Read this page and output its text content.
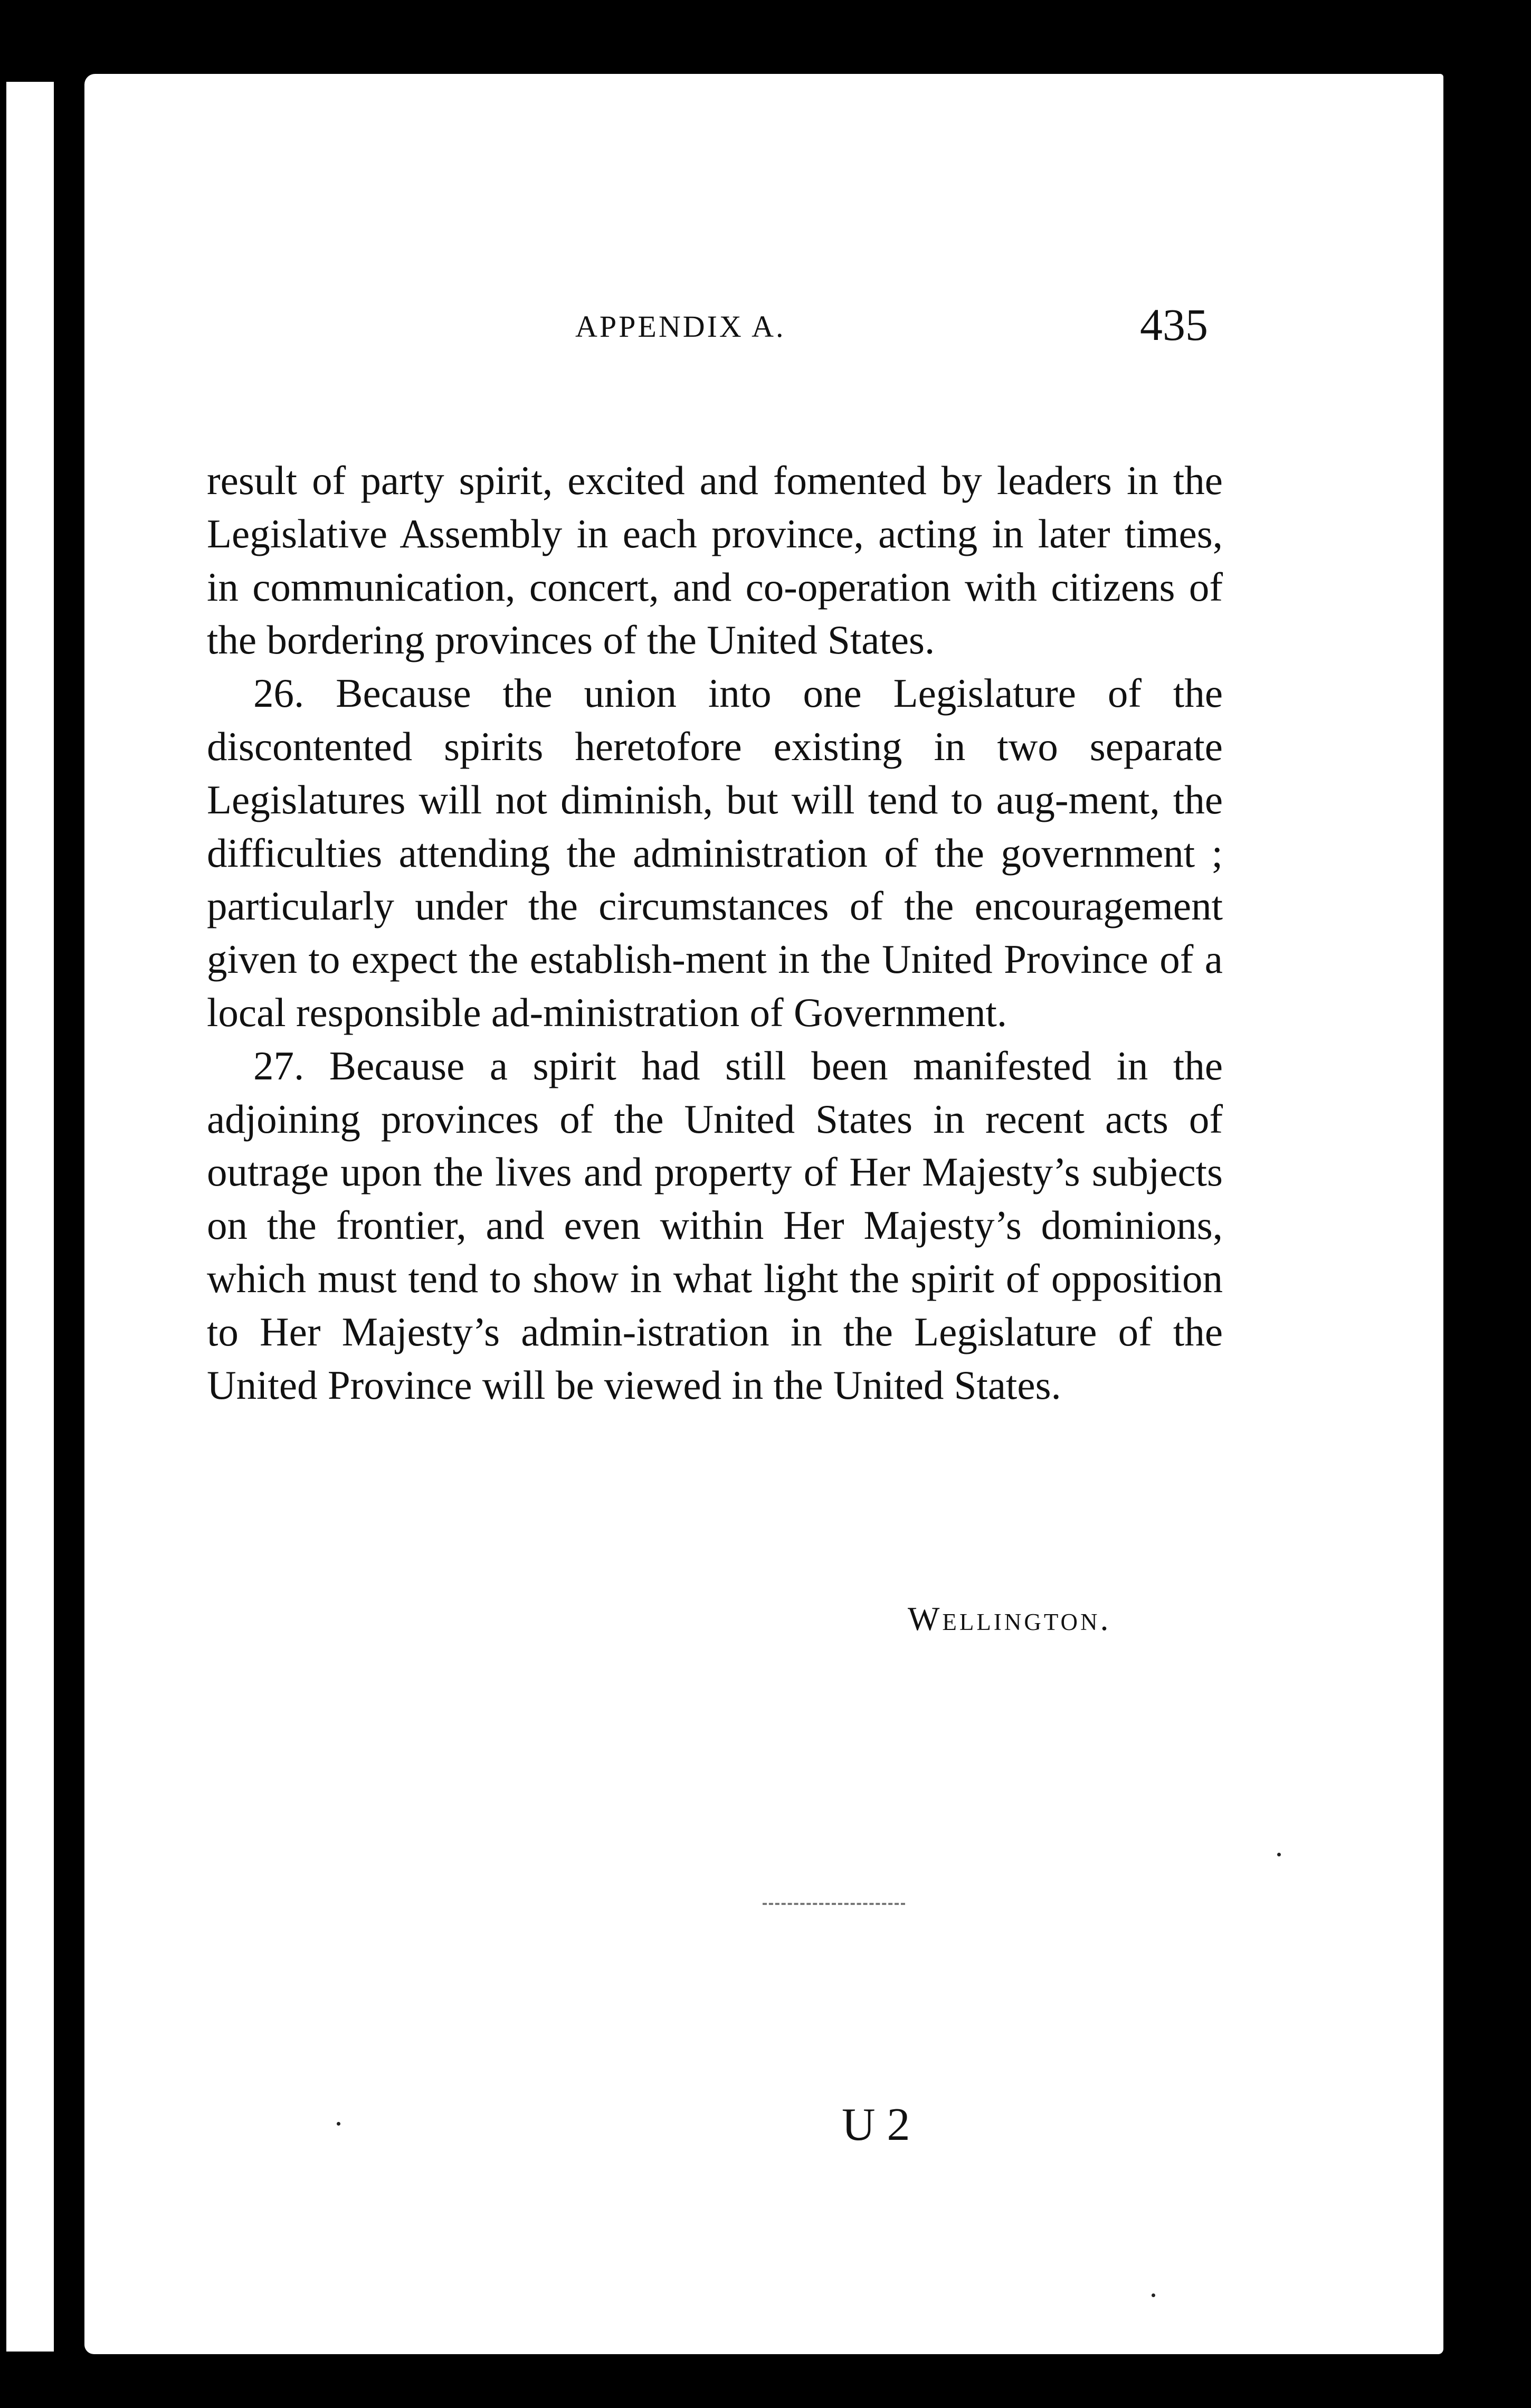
APPENDIX A.	435

result of party spirit, excited and fomented by leaders in the Legislative Assembly in each province, acting in later times, in communication, concert, and co-operation with citizens of the bordering provinces of the United States.

26. Because the union into one Legislature of the discontented spirits heretofore existing in two separate Legislatures will not diminish, but will tend to aug-ment, the difficulties attending the administration of the government ; particularly under the circumstances of the encouragement given to expect the establish-ment in the United Province of a local responsible ad-ministration of Government.

27. Because a spirit had still been manifested in the adjoining provinces of the United States in recent acts of outrage upon the lives and property of Her Majesty’s subjects on the frontier, and even within Her Majesty’s dominions, which must tend to show in what light the spirit of opposition to Her Majesty’s admin-istration in the Legislature of the United Province will be viewed in the United States.

Wellington.
U 2
